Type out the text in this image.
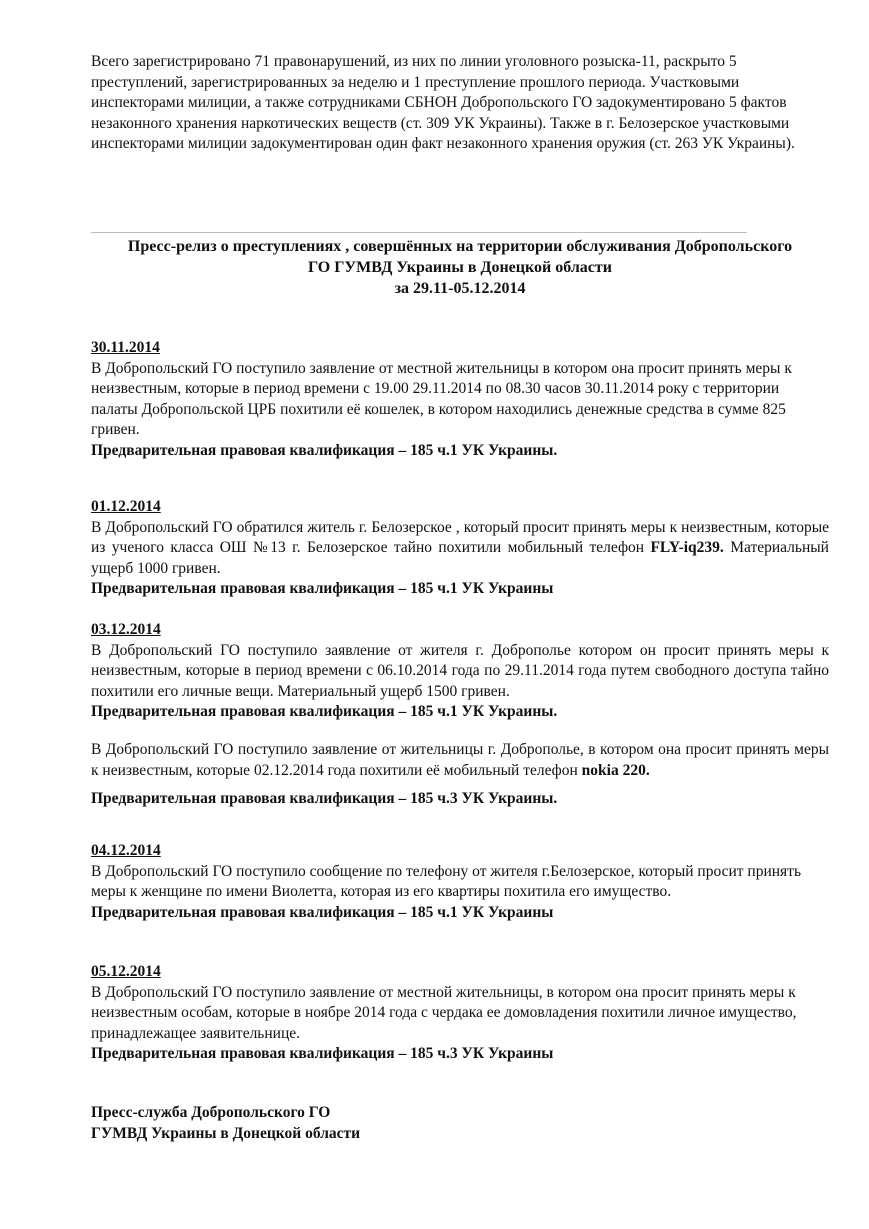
Всего зарегистрировано 71 правонарушений, из них по линии уголовного розыска-11, раскрыто 5 преступлений, зарегистрированных за неделю и 1 преступление прошлого периода. Участковыми инспекторами милиции, а также сотрудниками СБНОН Добропольского ГО задокументировано 5 фактов незаконного хранения наркотических веществ (ст. 309 УК Украины). Также в г. Белозерское участковыми инспекторами милиции задокументирован один факт незаконного хранения оружия (ст. 263 УК Украины).

Пресс-релиз о преступлениях , совершённых на территории обслуживания Добропольского
ГО ГУМВД Украины в Донецкой области
за 29.11-05.12.2014
30.11.2014
В Добропольский ГО поступило заявление от местной жительницы в котором она просит принять меры к неизвестным, которые в период времени с 19.00 29.11.2014 по 08.30 часов 30.11.2014 року с территории палаты Добропольской ЦРБ похитили её кошелек, в котором находились денежные средства в сумме 825 гривен.
Предварительная правовая квалификация – 185 ч.1 УК Украины.
01.12.2014
В Добропольский ГО обратился житель г. Белозерское , который просит принять меры к неизвестным, которые из ученого класса ОШ №13 г. Белозерское тайно похитили мобильный телефон FLY-iq239. Материальный ущерб 1000 гривен.
Предварительная правовая квалификация – 185 ч.1 УК Украины
03.12.2014
В Добропольский ГО поступило заявление от жителя г. Доброполье котором он просит принять меры к неизвестным, которые в период времени с 06.10.2014 года по 29.11.2014 года путем свободного доступа тайно похитили его личные вещи. Материальный ущерб 1500 гривен.
Предварительная правовая квалификация – 185 ч.1 УК Украины.
В Добропольский ГО поступило заявление от жительницы г. Доброполье, в котором она просит принять меры к неизвестным, которые 02.12.2014 года похитили её мобильный телефон nokia 220.
Предварительная правовая квалификация – 185 ч.3 УК Украины.
04.12.2014
В Добропольский ГО поступило сообщение по телефону от жителя г.Белозерское, который просит принять меры к женщине по имени Виолетта, которая из его квартиры похитила его имущество.
Предварительная правовая квалификация – 185 ч.1 УК Украины
05.12.2014
В Добропольский ГО поступило заявление от местной жительницы, в котором она просит принять меры к неизвестным особам, которые в ноябре 2014 года с чердака ее домовладения похитили личное имущество, принадлежащее заявительнице.
Предварительная правовая квалификация – 185 ч.3 УК Украины
Пресс-служба Добропольского ГО
ГУМВД Украины в Донецкой области
